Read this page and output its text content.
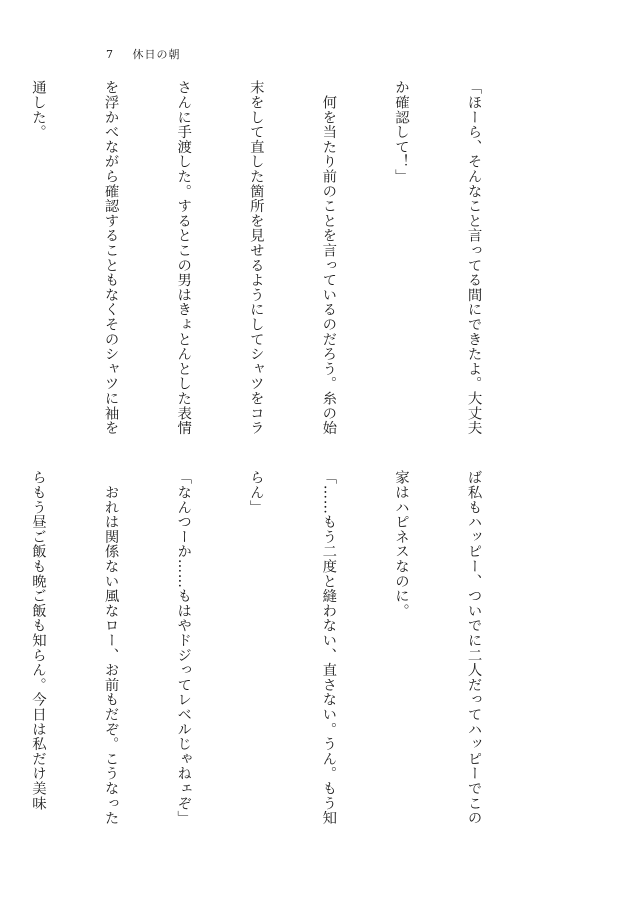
7 休日の朝

「ほーら、そんなこと言ってる間にできたよ。大丈夫

か確認して！」

　何を当たり前のことを言っているのだろう。糸の始

末をして直した箇所を見せるようにしてシャツをコラ

さんに手渡した。するとこの男はきょとんとした表情

を浮かべながら確認することもなくそのシャツに袖を

通した。

ば私もハッピー、ついでに二人だってハッピーでこの

家はハピネスなのに。

「……もう二度と縫わない、直さない。うん。もう知

らん」

「なんつーか……もはやドジってレベルじゃねェぞ」

　おれは関係ない風なロー、お前もだぞ。こうなった

らもう昼ご飯も晩ご飯も知らん。今日は私だけ美味
